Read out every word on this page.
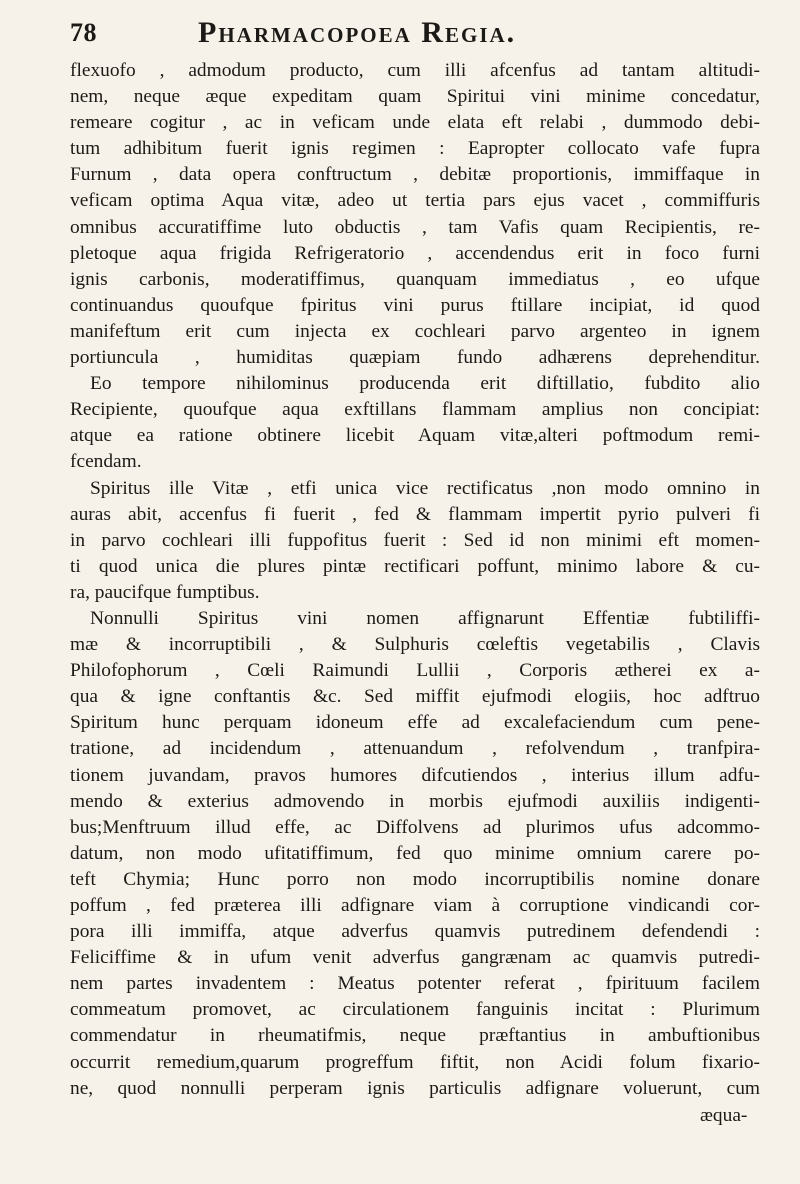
78	Pharmacopoea Regia.
flexuofo , admodum producto, cum illi afcenfus ad tantam altitudi-
nem, neque æque expeditam quam Spiritui vini minime concedatur,
remeare cogitur , ac in veficam unde elata eft relabi , dummodo debi-
tum adhibitum fuerit ignis regimen : Eapropter collocato vafe fupra
Furnum , data opera conftructum , debitæ proportionis, immiffaque in
veficam optima Aqua vitæ, adeo ut tertia pars ejus vacet , commiffuris
omnibus accuratiffime luto obductis , tam Vafis quam Recipientis, re-
pletoque aqua frigida Refrigeratorio , accendendus erit in foco furni
ignis carbonis, moderatiffimus, quanquam immediatus , eo ufque
continuandus quoufque fpiritus vini purus ftillare incipiat, id quod
manifeftum erit cum injecta ex cochleari parvo argenteo in ignem
portiuncula , humiditas quæpiam fundo adhærens deprehenditur.
Eo tempore nihilominus producenda erit diftillatio, fubdito alio
Recipiente, quoufque aqua exftillans flammam amplius non concipiat:
atque ea ratione obtinere licebit Aquam vitæ,alteri poftmodum remi-
fcendam.
Spiritus ille Vitæ , etfi unica vice rectificatus ,non modo omnino in
auras abit, accenfus fi fuerit , fed & flammam impertit pyrio pulveri fi
in parvo cochleari illi fuppofitus fuerit : Sed id non minimi eft momen-
ti quod unica die plures pintæ rectificari poffunt, minimo labore & cu-
ra, paucifque fumptibus.
Nonnulli Spiritus vini nomen affignarunt Effentiæ fubtiliffi-
mæ & incorruptibili , & Sulphuris cœleftis vegetabilis , Clavis
Philofophorum , Cœli Raimundi Lullii , Corporis ætherei ex a-
qua & igne conftantis &c. Sed miffit ejufmodi elogiis, hoc adftruo
Spiritum hunc perquam idoneum effe ad excalefaciendum cum pene-
tratione, ad incidendum , attenuandum , refolvendum , tranfpira-
tionem juvandam, pravos humores difcutiendos , interius illum adfu-
mendo & exterius admovendo in morbis ejufmodi auxiliis indigenti-
bus;Menftruum illud effe, ac Diffolvens ad plurimos ufus adcommo-
datum, non modo ufitatiffimum, fed quo minime omnium carere po-
teft Chymia; Hunc porro non modo incorruptibilis nomine donare
poffum , fed præterea illi adfignare viam à corruptione vindicandi cor-
pora illi immiffa, atque adverfus quamvis putredinem defendendi :
Feliciffime & in ufum venit adverfus gangrænam ac quamvis putredi-
nem partes invadentem : Meatus potenter referat , fpirituum facilem
commeatum promovet, ac circulationem fanguinis incitat : Plurimum
commendatur in rheumatifmis, neque præftantius in ambuftionibus
occurrit remedium,quarum progreffum fiftit, non Acidi folum fixario-
ne, quod nonnulli perperam ignis particulis adfignare voluerunt, cum
æqua-
